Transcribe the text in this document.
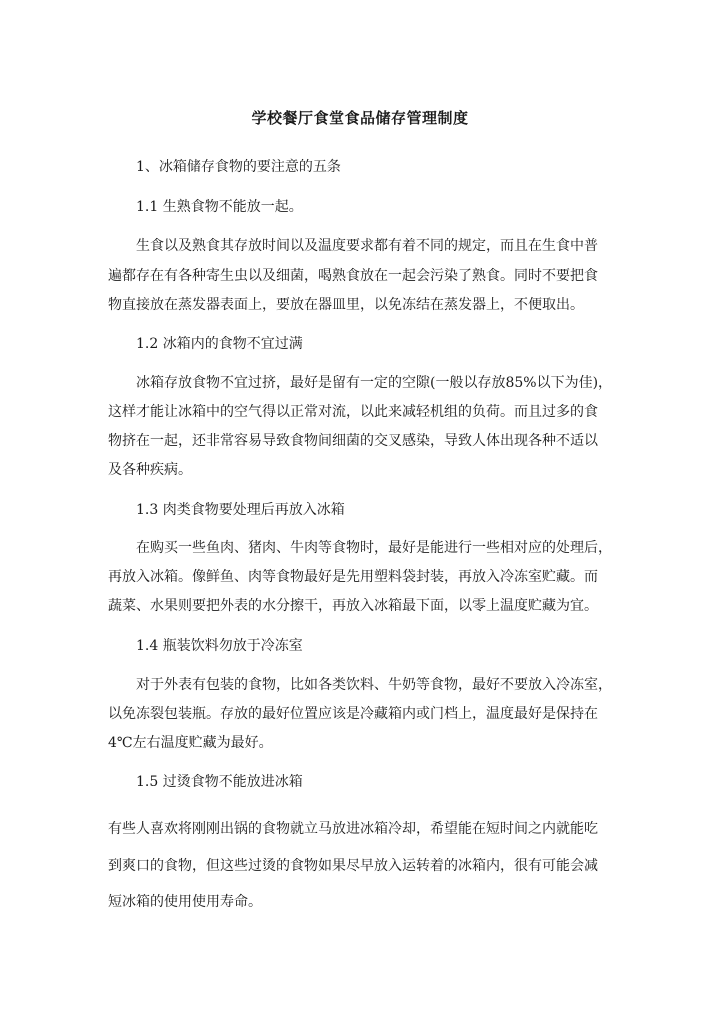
学校餐厅食堂食品储存管理制度
1、冰箱储存食物的要注意的五条
1.1 生熟食物不能放一起。
生食以及熟食其存放时间以及温度要求都有着不同的规定，而且在生食中普
遍都存在有各种寄生虫以及细菌，喝熟食放在一起会污染了熟食。同时不要把食
物直接放在蒸发器表面上，要放在器皿里，以免冻结在蒸发器上，不便取出。
1.2 冰箱内的食物不宜过满
冰箱存放食物不宜过挤，最好是留有一定的空隙(一般以存放85%以下为佳)，
这样才能让冰箱中的空气得以正常对流，以此来减轻机组的负荷。而且过多的食
物挤在一起，还非常容易导致食物间细菌的交叉感染，导致人体出现各种不适以
及各种疾病。
1.3 肉类食物要处理后再放入冰箱
在购买一些鱼肉、猪肉、牛肉等食物时，最好是能进行一些相对应的处理后，
再放入冰箱。像鲜鱼、肉等食物最好是先用塑料袋封装，再放入冷冻室贮藏。而
蔬菜、水果则要把外表的水分擦干，再放入冰箱最下面，以零上温度贮藏为宜。
1.4 瓶装饮料勿放于冷冻室
对于外表有包装的食物，比如各类饮料、牛奶等食物，最好不要放入冷冻室，
以免冻裂包装瓶。存放的最好位置应该是冷藏箱内或门档上，温度最好是保持在
4℃左右温度贮藏为最好。
1.5 过烫食物不能放进冰箱
有些人喜欢将刚刚出锅的食物就立马放进冰箱冷却，希望能在短时间之内就能吃
到爽口的食物，但这些过烫的食物如果尽早放入运转着的冰箱内，很有可能会减
短冰箱的使用使用寿命。
